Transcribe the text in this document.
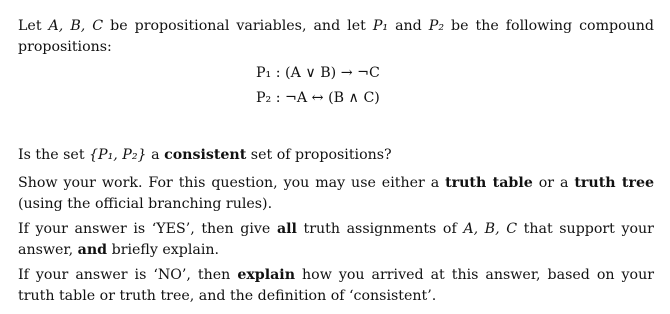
Let A, B, C be propositional variables, and let P₁ and P₂ be the following compound propositions:

P₁ : (A ∨ B) → ¬C
P₂ : ¬A ↔ (B ∧ C)

Is the set {P₁, P₂} a consistent set of propositions?

Show your work. For this question, you may use either a truth table or a truth tree (using the official branching rules).

If your answer is ‘YES’, then give all truth assignments of A, B, C that support your answer, and briefly explain.

If your answer is ‘NO’, then explain how you arrived at this answer, based on your truth table or truth tree, and the definition of ‘consistent’.
